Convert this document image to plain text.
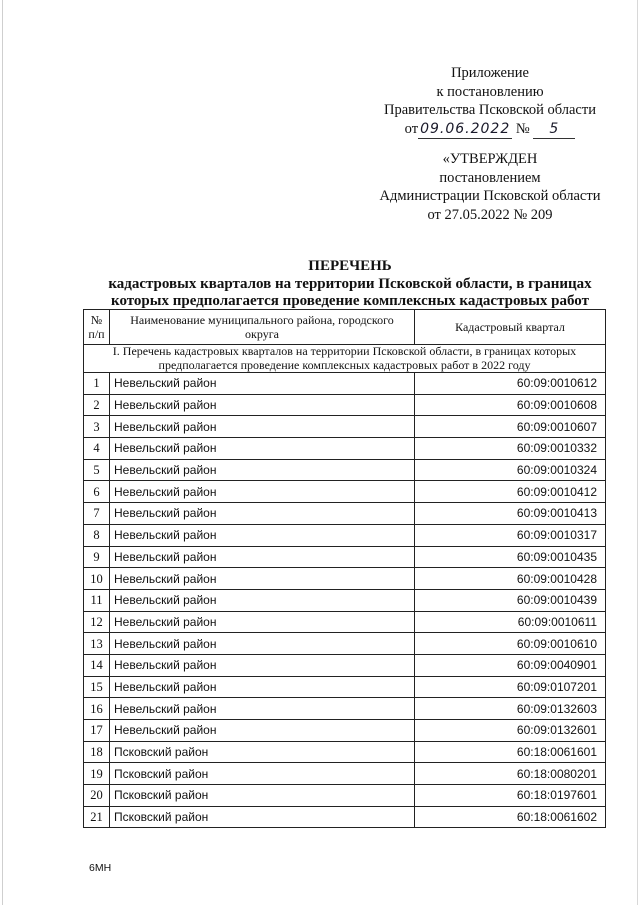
Приложение
к постановлению
Правительства Псковской области
от 09.06.2022 № 5
«УТВЕРЖДЕН
постановлением
Администрации Псковской области
от 27.05.2022 № 209
ПЕРЕЧЕНЬ
кадастровых кварталов на территории Псковской области, в границах
которых предполагается проведение комплексных кадастровых работ
№
п/п	Наименование муниципального района, городского округа	Кадастровый квартал
I. Перечень кадастровых кварталов на территории Псковской области, в границах которых предполагается проведение комплексных кадастровых работ в 2022 году		
1	Невельский район	60:09:0010612
2	Невельский район	60:09:0010608
3	Невельский район	60:09:0010607
4	Невельский район	60:09:0010332
5	Невельский район	60:09:0010324
6	Невельский район	60:09:0010412
7	Невельский район	60:09:0010413
8	Невельский район	60:09:0010317
9	Невельский район	60:09:0010435
10	Невельский район	60:09:0010428
11	Невельский район	60:09:0010439
12	Невельский район	60:09:0010611
13	Невельский район	60:09:0010610
14	Невельский район	60:09:0040901
15	Невельский район	60:09:0107201
16	Невельский район	60:09:0132603
17	Невельский район	60:09:0132601
18	Псковский район	60:18:0061601
19	Псковский район	60:18:0080201
20	Псковский район	60:18:0197601
21	Псковский район	60:18:0061602
6МН
